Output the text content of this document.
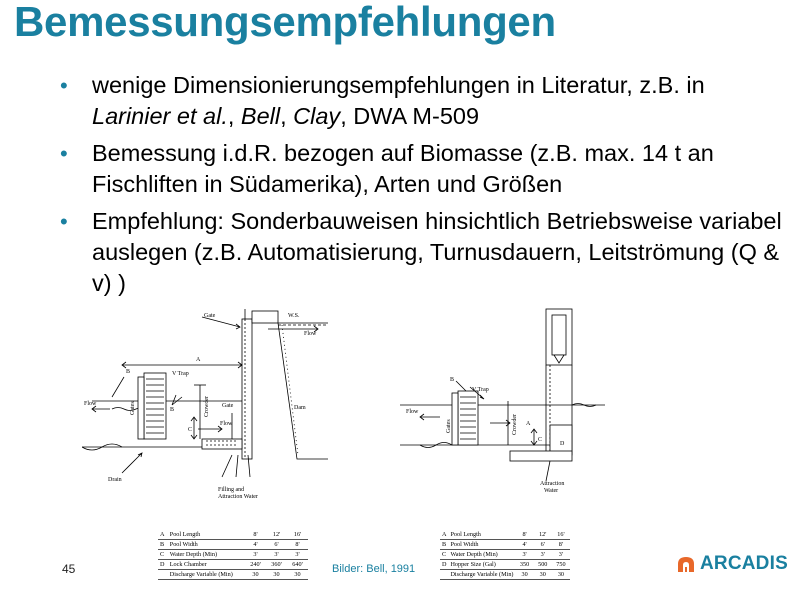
Bemessungsempfehlungen
• wenige Dimensionierungsempfehlungen in Literatur, z.B. in Larinier et al., Bell, Clay, DWA M-509
• Bemessung i.d.R. bezogen auf Biomasse (z.B. max. 14 t an Fischliften in Südamerika), Arten und Größen
• Empfehlung: Sonderbauweisen hinsichtlich Betriebsweise variabel auslegen (z.B. Automatisierung, Turnusdauern, Leitströmung (Q & v) )
Gate	W.S.
Flow
A
B	V Trap
Flow	Gates	B	Crowder Gate	Dam
C
Flow
Drain
Filling and
Attraction Water
B
V Trap
Flow
Gates	Crowder
C
D
A
Attraction
Water
A	Pool Length	8'	12'	16'
B	Pool Width	4'	6'	8'
C	Water Depth (Min)	3'	3'	3'
D	Lock Chamber	240'	360'	640'
	Discharge Variable (Min)	30	30	30
A	Pool Length	8'	12'	16'
B	Pool Width	4'	6'	8'
C	Water Depth (Min)	3'	3'	3'
D	Hopper Size (Gal)	350	500	750
	Discharge Variable (Min)	30	30	30
45	Bilder: Bell, 1991	ARCADIS
